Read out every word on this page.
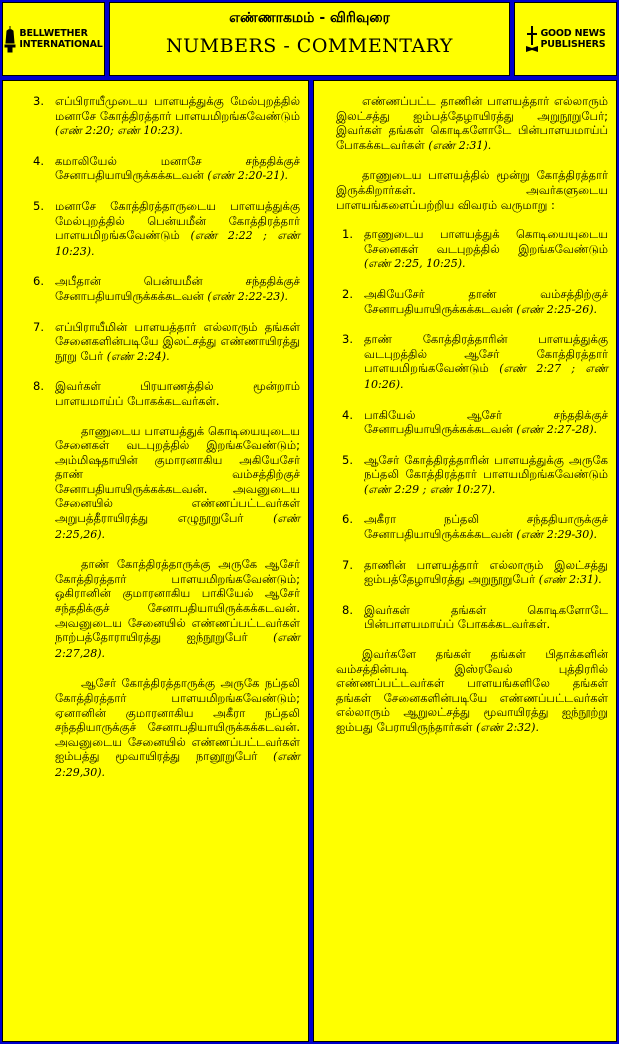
BELLWETHER
INTERNATIONAL
எண்ணாகமம் - விரிவுரை
NUMBERS - COMMENTARY
GOOD NEWS
PUBLISHERS
3. எப்பிராயீமுடைய பாளயத்துக்கு மேல்புறத்தில் மனாசே கோத்திரத்தார் பாளயமிறங்கவேண்டும் (எண் 2:20; எண் 10:23).
4. கமாலியேல் மனாசே சந்ததிக்குச் சேனாபதியாயிருக்கக்கடவன் (எண் 2:20-21).
5. மனாசே கோத்திரத்தாருடைய பாளயத்துக்கு மேல்புறத்தில் பென்யமீன் கோத்திரத்தார் பாளயமிறங்கவேண்டும் (எண் 2:22 ; எண் 10:23).
6. அபீதான் பென்யமீன் சந்ததிக்குச் சேனாபதியாயிருக்கக்கடவன் (எண் 2:22-23).
7. எப்பிராயீமின் பாளயத்தார் எல்லாரும் தங்கள் சேனைகளின்படியே இலட்சத்து எண்ணாயிரத்து நூறு பேர் (எண் 2:24).
8. இவர்கள் பிரயாணத்தில் மூன்றாம் பாளயமாய்ப் போகக்கடவர்கள்.
தாணுடைய பாளயத்துக் கொடியையுடைய சேனைகள் வடபுறத்தில் இறங்கவேண்டும்; அம்மிஷதாயின் குமாரனாகிய அகியேசேர் தாண் வம்சத்திற்குச் சேனாபதியாயிருக்கக்கடவன். அவனுடைய சேனையில் எண்ணப்பட்டவர்கள் அறுபத்தீராயிரத்து எழுநூறுபேர் (எண் 2:25,26).
தாண் கோத்திரத்தாருக்கு அருகே ஆசேர் கோத்திரத்தார் பாளயமிறங்கவேண்டும்; ஒகிரானின் குமாரனாகிய பாகியேல் ஆசேர் சந்ததிக்குச் சேனாபதியாயிருக்கக்கடவன். அவனுடைய சேனையில் எண்ணப்பட்டவர்கள் நாற்பத்தோராயிரத்து ஐந்நூறுபேர் (எண் 2:27,28).
ஆசேர் கோத்திரத்தாருக்கு அருகே நப்தலி கோத்திரத்தார் பாளயமிறங்கவேண்டும்; ஏனானின் குமாரனாகிய அகீரா நப்தலி சந்ததியாருக்குச் சேனாபதியாயிருக்கக்கடவன். அவனுடைய சேனையில் எண்ணப்பட்டவர்கள் ஐம்பத்து மூவாயிரத்து நானூறுபேர் (எண் 2:29,30).
எண்ணப்பட்ட தாணின் பாளயத்தார் எல்லாரும் இலட்சத்து ஐம்பத்தேழாயிரத்து அறுநூறுபேர்; இவர்கள் தங்கள் கொடிகளோடே பின்பாளயமாய்ப் போகக்கடவர்கள் (எண் 2:31).
தாணுடைய பாளயத்தில் மூன்று கோத்திரத்தார் இருக்கிறார்கள். அவர்களுடைய பாளயங்களைப்பற்றிய விவரம் வருமாறு :
1. தாணுடைய பாளயத்துக் கொடியையுடைய சேனைகள் வடபுறத்தில் இறங்கவேண்டும் (எண் 2:25, 10:25).
2. அகியேசேர் தாண் வம்சத்திற்குச் சேனாபதியாயிருக்கக்கடவன் (எண் 2:25-26).
3. தாண் கோத்திரத்தாரின் பாளயத்துக்கு வடபுறத்தில் ஆசேர் கோத்திரத்தார் பாளயமிறங்கவேண்டும் (எண் 2:27 ; எண் 10:26).
4. பாகியேல் ஆசேர் சந்ததிக்குச் சேனாபதியாயிருக்கக்கடவன் (எண் 2:27-28).
5. ஆசேர் கோத்திரத்தாரின் பாளயத்துக்கு அருகே நப்தலி கோத்திரத்தார் பாளயமிறங்கவேண்டும் (எண் 2:29 ; எண் 10:27).
6. அகீரா நப்தலி சந்ததியாருக்குச் சேனாபதியாயிருக்கக்கடவன் (எண் 2:29-30).
7. தாணின் பாளயத்தார் எல்லாரும் இலட்சத்து ஐம்பத்தேழாயிரத்து அறுநூறுபேர் (எண் 2:31).
8. இவர்கள் தங்கள் கொடிகளோடே பின்பாளயமாய்ப் போகக்கடவர்கள்.
இவர்களே தங்கள் தங்கள் பிதாக்களின் வம்சத்தின்படி இஸ்ரவேல் புத்திரரில் எண்ணப்பட்டவர்கள் பாளயங்களிலே தங்கள் தங்கள் சேனைகளின்படியே எண்ணப்பட்டவர்கள் எல்லாரும் ஆறுலட்சத்து மூவாயிரத்து ஐந்நூற்று ஐம்பது பேராயிருந்தார்கள் (எண் 2:32).
